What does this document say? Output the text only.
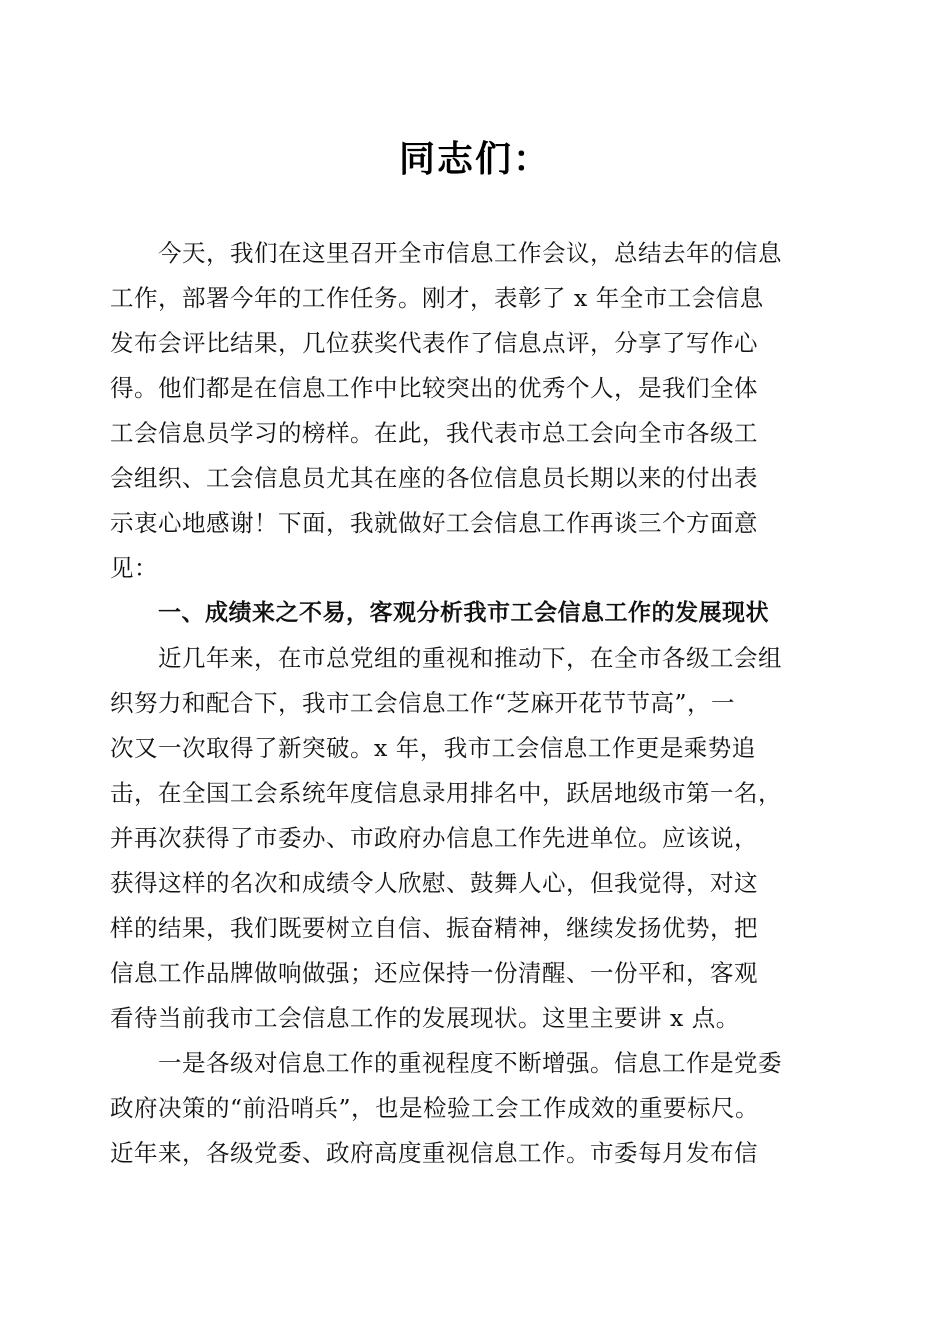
同志们：
今天，我们在这里召开全市信息工作会议，总结去年的信息
工作，部署今年的工作任务。刚才，表彰了 x 年全市工会信息
发布会评比结果，几位获奖代表作了信息点评，分享了写作心
得。他们都是在信息工作中比较突出的优秀个人，是我们全体
工会信息员学习的榜样。在此，我代表市总工会向全市各级工
会组织、工会信息员尤其在座的各位信息员长期以来的付出表
示衷心地感谢！下面，我就做好工会信息工作再谈三个方面意
见：
一、成绩来之不易，客观分析我市工会信息工作的发展现状
近几年来，在市总党组的重视和推动下，在全市各级工会组
织努力和配合下，我市工会信息工作“芝麻开花节节高”，一
次又一次取得了新突破。x 年，我市工会信息工作更是乘势追
击，在全国工会系统年度信息录用排名中，跃居地级市第一名，
并再次获得了市委办、市政府办信息工作先进单位。应该说，
获得这样的名次和成绩令人欣慰、鼓舞人心，但我觉得，对这
样的结果，我们既要树立自信、振奋精神，继续发扬优势，把
信息工作品牌做响做强；还应保持一份清醒、一份平和，客观
看待当前我市工会信息工作的发展现状。这里主要讲 x 点。
一是各级对信息工作的重视程度不断增强。信息工作是党委
政府决策的“前沿哨兵”，也是检验工会工作成效的重要标尺。
近年来，各级党委、政府高度重视信息工作。市委每月发布信
